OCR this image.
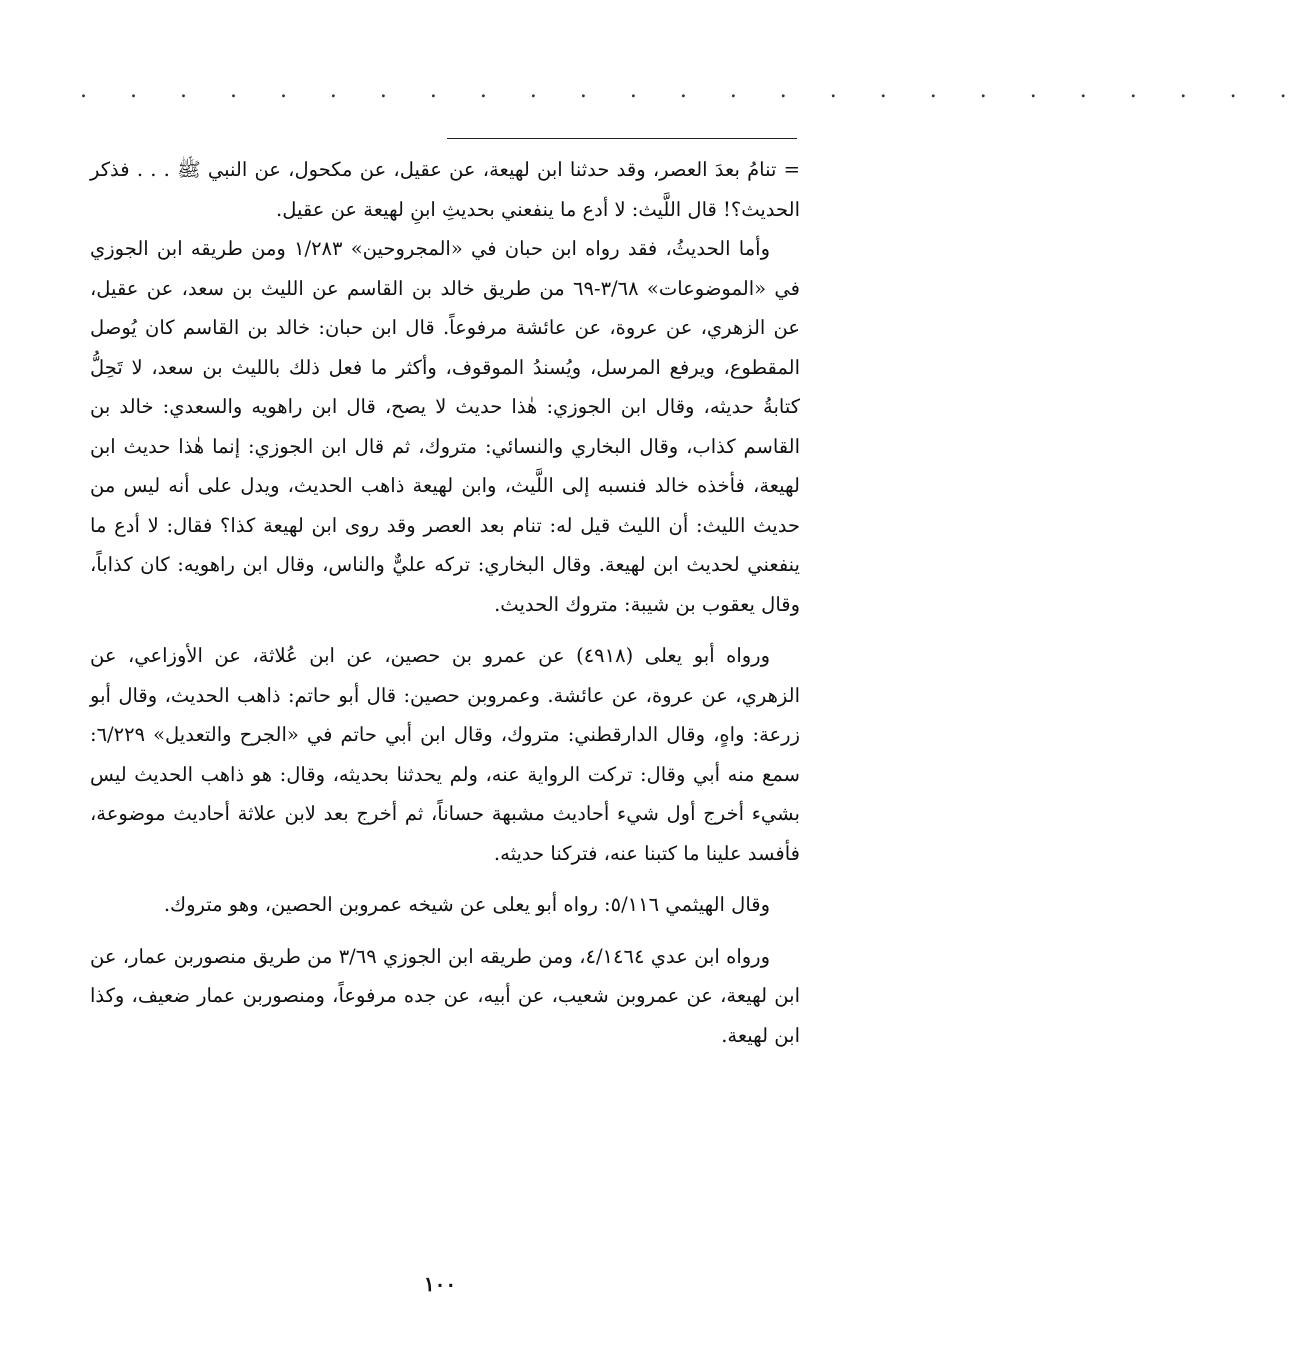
. . . . . . . . . . . . . . . . . . . . . . . . .

= تنامُ بعدَ العصر، وقد حدثنا ابن لهيعة، عن عقيل، عن مكحول، عن النبي ﷺ . . . فذكر الحديث؟! قال اللَّيث: لا أدع ما ينفعني بحديثِ ابنِ لهيعة عن عقيل.

وأما الحديثُ، فقد رواه ابن حبان في «المجروحين» ١/٢٨٣ ومن طريقه ابن الجوزي في «الموضوعات» ٣/٦٨-٦٩ من طريق خالد بن القاسم عن الليث بن سعد، عن عقيل، عن الزهري، عن عروة، عن عائشة مرفوعاً. قال ابن حبان: خالد بن القاسم كان يُوصل المقطوع، ويرفع المرسل، ويُسندُ الموقوف، وأكثر ما فعل ذلك بالليث بن سعد، لا تَحِلُّ كتابةُ حديثه، وقال ابن الجوزي: هٰذا حديث لا يصح، قال ابن راهويه والسعدي: خالد بن القاسم كذاب، وقال البخاري والنسائي: متروك، ثم قال ابن الجوزي: إنما هٰذا حديث ابن لهيعة، فأخذه خالد فنسبه إلى اللَّيث، وابن لهيعة ذاهب الحديث، ويدل على أنه ليس من حديث الليث: أن الليث قيل له: تنام بعد العصر وقد روى ابن لهيعة كذا؟ فقال: لا أدع ما ينفعني لحديث ابن لهيعة. وقال البخاري: تركه عليٌّ والناس، وقال ابن راهويه: كان كذاباً، وقال يعقوب بن شيبة: متروك الحديث.

ورواه أبو يعلى (٤٩١٨) عن عمرو بن حصين، عن ابن عُلاثة، عن الأوزاعي، عن الزهري، عن عروة، عن عائشة. وعمروبن حصين: قال أبو حاتم: ذاهب الحديث، وقال أبو زرعة: واهٍ، وقال الدارقطني: متروك، وقال ابن أبي حاتم في «الجرح والتعديل» ٦/٢٢٩: سمع منه أبي وقال: تركت الرواية عنه، ولم يحدثنا بحديثه، وقال: هو ذاهب الحديث ليس بشيء أخرج أول شيء أحاديث مشبهة حساناً، ثم أخرج بعد لابن علاثة أحاديث موضوعة، فأفسد علينا ما كتبنا عنه، فتركنا حديثه.

وقال الهيثمي ٥/١١٦: رواه أبو يعلى عن شيخه عمروبن الحصين، وهو متروك.

ورواه ابن عدي ٤/١٤٦٤، ومن طريقه ابن الجوزي ٣/٦٩ من طريق منصوربن عمار، عن ابن لهيعة، عن عمروبن شعيب، عن أبيه، عن جده مرفوعاً، ومنصوربن عمار ضعيف، وكذا ابن لهيعة.

١٠٠
